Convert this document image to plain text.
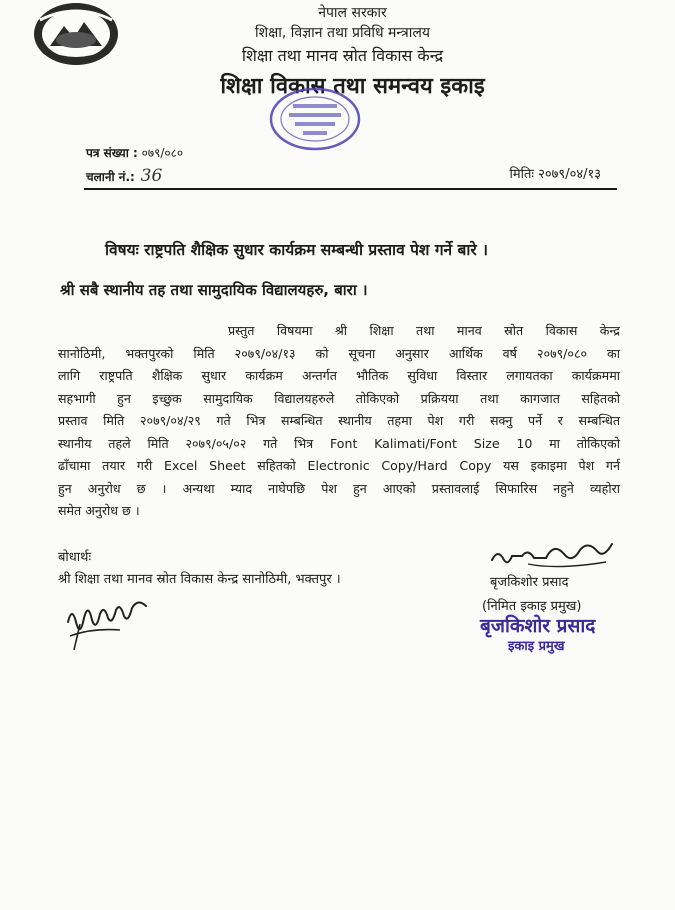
नेपाल सरकार
शिक्षा, विज्ञान तथा प्रविधि मन्त्रालय
शिक्षा तथा मानव स्रोत विकास केन्द्र
शिक्षा विकास तथा समन्वय इकाइ
पत्र संख्या : ०७९/०८०
चलानी नं.: 36	मितिः २०७९/०४/१३
विषयः राष्ट्रपति शैक्षिक सुधार कार्यक्रम सम्बन्धी प्रस्ताव पेश गर्ने बारे ।
श्री सबै स्थानीय तह तथा सामुदायिक विद्यालयहरु, बारा ।
प्रस्तुत विषयमा श्री शिक्षा तथा मानव स्रोत विकास केन्द्र
सानोठिमी, भक्तपुरको मिति २०७९/०४/१३ को सूचना अनुसार आर्थिक वर्ष २०७९/०८० का
लागि राष्ट्रपति शैक्षिक सुधार कार्यक्रम अन्तर्गत भौतिक सुविधा विस्तार लगायतका कार्यक्रममा
सहभागी हुन इच्छुक सामुदायिक विद्यालयहरुले तोकिएको प्रक्रियया तथा कागजात सहितको
प्रस्ताव मिति २०७९/०४/२९ गते भित्र सम्बन्धित स्थानीय तहमा पेश गरी सक्नु पर्ने र सम्बन्धित
स्थानीय तहले मिति २०७९/०५/०२ गते भित्र Font Kalimati/Font Size 10 मा तोकिएको
ढाँचामा तयार गरी Excel Sheet सहितको Electronic Copy/Hard Copy यस इकाइमा पेश गर्न
हुन अनुरोध छ । अन्यथा म्याद नाघेपछि पेश हुन आएको प्रस्तावलाई सिफारिस नहुने व्यहोरा
समेत अनुरोध छ ।
बोधार्थः
श्री शिक्षा तथा मानव स्रोत विकास केन्द्र सानोठिमी, भक्तपुर ।	बृजकिशोर प्रसाद
(निमित इकाइ प्रमुख)
बृजकिशोर प्रसाद
इकाइ प्रमुख
